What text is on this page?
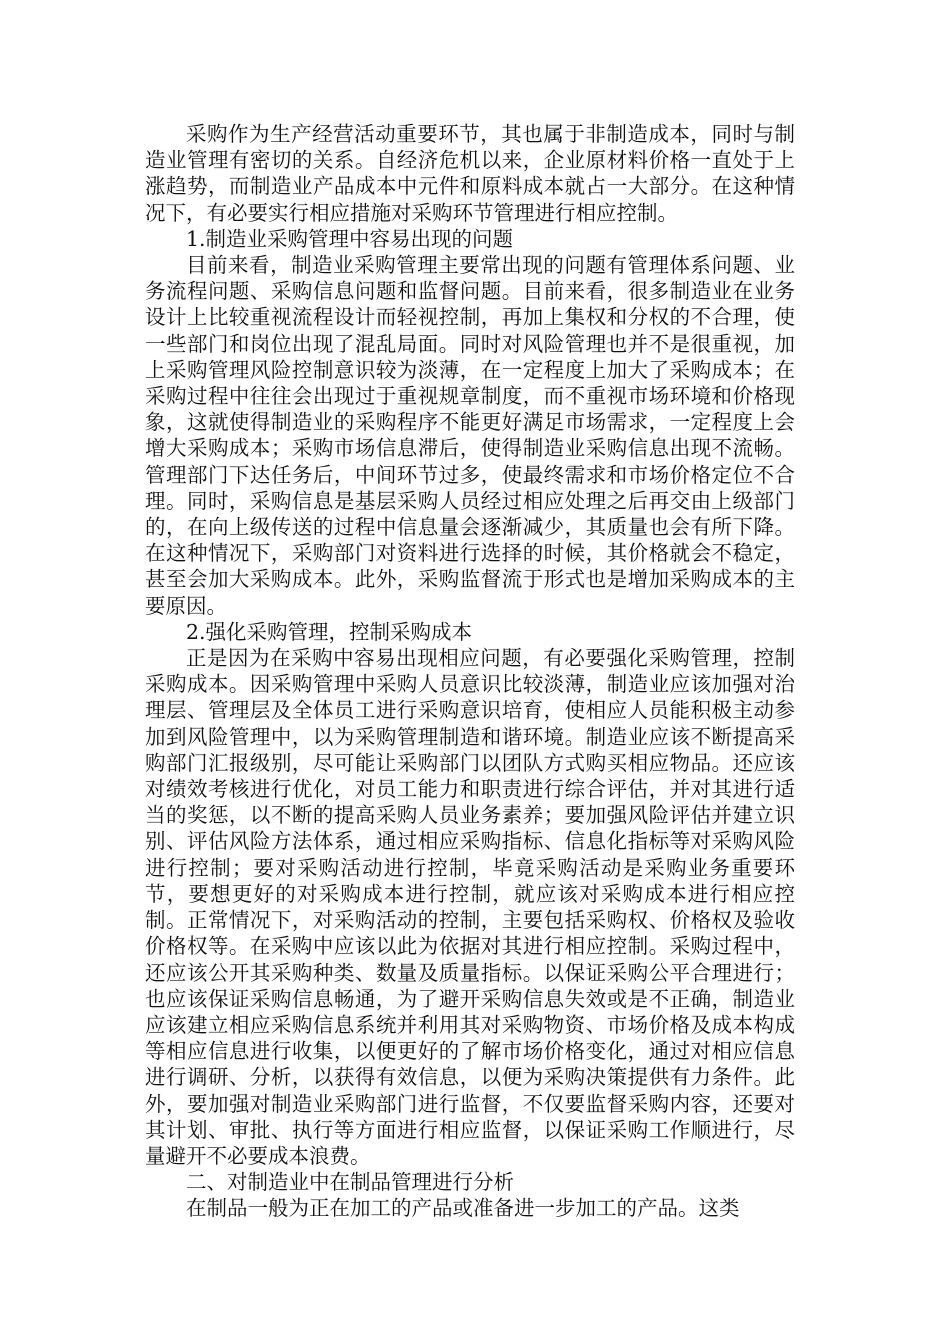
采购作为生产经营活动重要环节，其也属于非制造成本，同时与制造业管理有密切的关系。自经济危机以来，企业原材料价格一直处于上涨趋势，而制造业产品成本中元件和原料成本就占一大部分。在这种情况下，有必要实行相应措施对采购环节管理进行相应控制。

1.制造业采购管理中容易出现的问题

目前来看，制造业采购管理主要常出现的问题有管理体系问题、业务流程问题、采购信息问题和监督问题。目前来看，很多制造业在业务设计上比较重视流程设计而轻视控制，再加上集权和分权的不合理，使一些部门和岗位出现了混乱局面。同时对风险管理也并不是很重视，加上采购管理风险控制意识较为淡薄，在一定程度上加大了采购成本；在采购过程中往往会出现过于重视规章制度，而不重视市场环境和价格现象，这就使得制造业的采购程序不能更好满足市场需求，一定程度上会增大采购成本；采购市场信息滞后，使得制造业采购信息出现不流畅。管理部门下达任务后，中间环节过多，使最终需求和市场价格定位不合理。同时，采购信息是基层采购人员经过相应处理之后再交由上级部门的，在向上级传送的过程中信息量会逐渐减少，其质量也会有所下降。在这种情况下，采购部门对资料进行选择的时候，其价格就会不稳定，甚至会加大采购成本。此外，采购监督流于形式也是增加采购成本的主要原因。

2.强化采购管理，控制采购成本

正是因为在采购中容易出现相应问题，有必要强化采购管理，控制采购成本。因采购管理中采购人员意识比较淡薄，制造业应该加强对治理层、管理层及全体员工进行采购意识培育，使相应人员能积极主动参加到风险管理中，以为采购管理制造和谐环境。制造业应该不断提高采购部门汇报级别，尽可能让采购部门以团队方式购买相应物品。还应该对绩效考核进行优化，对员工能力和职责进行综合评估，并对其进行适当的奖惩，以不断的提高采购人员业务素养；要加强风险评估并建立识别、评估风险方法体系，通过相应采购指标、信息化指标等对采购风险进行控制；要对采购活动进行控制，毕竟采购活动是采购业务重要环节，要想更好的对采购成本进行控制，就应该对采购成本进行相应控制。正常情况下，对采购活动的控制，主要包括采购权、价格权及验收价格权等。在采购中应该以此为依据对其进行相应控制。采购过程中，还应该公开其采购种类、数量及质量指标。以保证采购公平合理进行；也应该保证采购信息畅通，为了避开采购信息失效或是不正确，制造业应该建立相应采购信息系统并利用其对采购物资、市场价格及成本构成等相应信息进行收集，以便更好的了解市场价格变化，通过对相应信息进行调研、分析，以获得有效信息，以便为采购决策提供有力条件。此外，要加强对制造业采购部门进行监督，不仅要监督采购内容，还要对其计划、审批、执行等方面进行相应监督，以保证采购工作顺进行，尽量避开不必要成本浪费。

二、对制造业中在制品管理进行分析

在制品一般为正在加工的产品或准备进一步加工的产品。这类
